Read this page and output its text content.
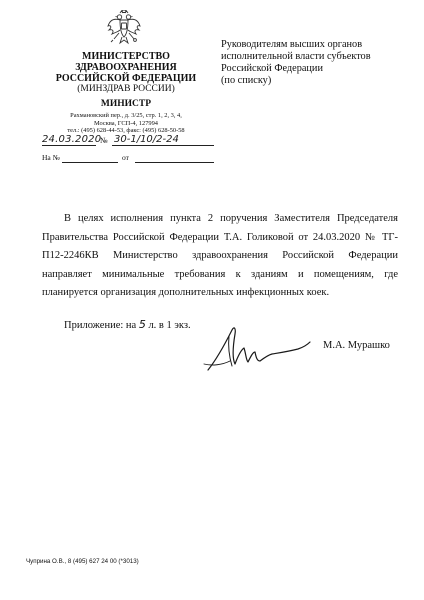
МИНИСТЕРСТВО
ЗДРАВООХРАНЕНИЯ
РОССИЙСКОЙ ФЕДЕРАЦИИ
(МИНЗДРАВ РОССИИ)
МИНИСТР
Рахмановский пер., д. 3/25, стр. 1, 2, 3, 4,
Москва, ГСП-4, 127994
тел.: (495) 628-44-53, факс: (495) 628-50-58
24.03.2020
№ 30-1/10/2-24
На №	от
Руководителям высших органов
исполнительной власти субъектов
Российской Федерации
(по списку)

В целях исполнения пункта 2 поручения Заместителя Председателя Правительства Российской Федерации Т.А. Голиковой от 24.03.2020 № ТГ-П12-2246КВ Министерство здравоохранения Российской Федерации направляет минимальные требования к зданиям и помещениям, где планируется организация дополнительных инфекционных коек.

Приложение: на 5 л. в 1 экз.
М.А. Мурашко
Чуприна О.В., 8 (495) 627 24 00 (*3013)
